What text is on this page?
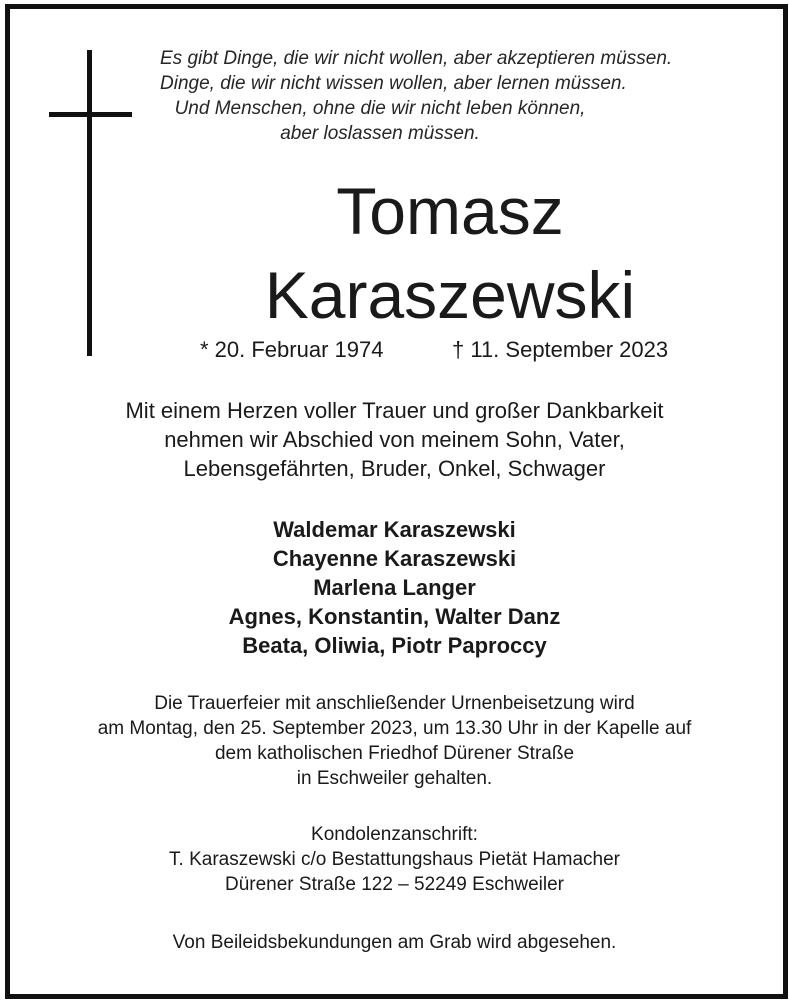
Es gibt Dinge, die wir nicht wollen, aber akzeptieren müssen.
Dinge, die wir nicht wissen wollen, aber lernen müssen.
Und Menschen, ohne die wir nicht leben können,
aber loslassen müssen.
Tomasz
Karaszewski
* 20. Februar 1974	† 11. September 2023
Mit einem Herzen voller Trauer und großer Dankbarkeit
nehmen wir Abschied von meinem Sohn, Vater,
Lebensgefährten, Bruder, Onkel, Schwager
Waldemar Karaszewski
Chayenne Karaszewski
Marlena Langer
Agnes, Konstantin, Walter Danz
Beata, Oliwia, Piotr Paproccy
Die Trauerfeier mit anschließender Urnenbeisetzung wird
am Montag, den 25. September 2023, um 13.30 Uhr in der Kapelle auf
dem katholischen Friedhof Dürener Straße
in Eschweiler gehalten.
Kondolenzanschrift:
T. Karaszewski c/o Bestattungshaus Pietät Hamacher
Dürener Straße 122 – 52249 Eschweiler
Von Beileidsbekundungen am Grab wird abgesehen.
